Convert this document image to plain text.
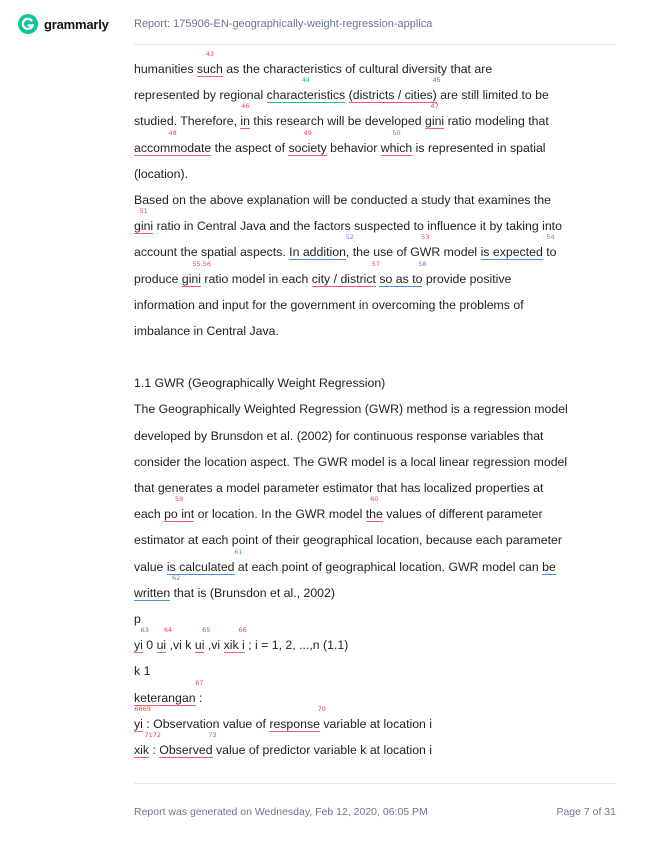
grammarly Report: 175906-EN-geographically-weight-regression-applica
humanities
43
such as the characteristics of cultural diversity that are
represented by regional
44
characteristics
45
(districts / cities) are still limited to be
studied. Therefore,
46
in this research will be developed
47
gini ratio modeling that
48
accommodate the aspect of
49
society behavior
50
which is represented in spatial
(location).
Based on the above explanation will be conducted a study that examines the
51
gini ratio in Central Java and the factors suspected to influence it by taking into
account the spatial aspects.
52
In addition, the use of
53
GWR model
54
is expected to
produce
55,56
gini ratio model in each
57
city / district
58
so as to provide positive
information and input for the government in overcoming the problems of
imbalance in Central Java.
1.1 GWR (Geographically Weight Regression)
The Geographically Weighted Regression (GWR) method is a regression model
developed by Brunsdon et al. (2002) for continuous response variables that
consider the location aspect. The GWR model is a local linear regression model
that generates a model parameter estimator that has localized properties at
each
59
po int or location. In the GWR model
60
the values of different parameter
estimator at each point of their geographical location, because each parameter
value
61
is calculated at each point of geographical location. GWR model can be
62
written that is (Brunsdon et al., 2002)
p
63
yi 0
64
ui ,vi k
65
ui ,vi
66
xik i ; i = 1, 2, ...,n (1.1)
k 1
67
keterangan :
6869
yi : Observation value of
70
response variable at location i
7172
xik :
73
Observed value of predictor variable k at location i
Report was generated on Wednesday, Feb 12, 2020, 06:05 PM	Page 7 of 31
